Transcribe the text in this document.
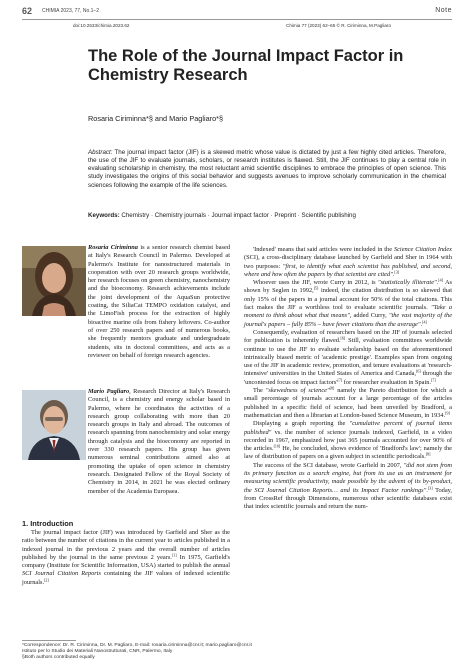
62 CHIMIA 2023, 77, No.1–2	Note
doi:10.2533/chimia.2023.62	Chimia 77 (2023) 62–65 © R. Ciriminna, M.Pagliaro
The Role of the Journal Impact Factor in Chemistry Research
Rosaria Ciriminna*§ and Mario Pagliaro*§
Abstract: The journal impact factor (JIF) is a skewed metric whose value is dictated by just a few highly cited articles. Therefore, the use of the JIF to evaluate journals, scholars, or research institutes is flawed. Still, the JIF continues to play a central role in evaluating scholarship in chemistry, the most reluctant amid scientific disciplines to embrace the principles of open science. This study investigates the origins of this social behavior and suggests avenues to improve scholarly communication in the chemical sciences following the example of the life sciences.
Keywords: Chemistry · Chemistry journals · Journal impact factor · Preprint · Scientific publishing

Rosaria Ciriminna is a senior research chemist based at Italy's Research Council in Palermo. Developed at Palermo's Institute for nanostructured materials in cooperation with over 20 research groups worldwide, her research focuses on green chemistry, nanochemistry and the bioeconomy. Research achievements include the joint development of the AquaSun protective coating, the SiliaCat TEMPO oxidation catalyst, and the LimoFish process for the extraction of highly bioactive marine oils from fishery leftovers. Co-author of over 250 research papers and of numerous books, she frequently mentors graduate and undergraduate students, sits in doctoral committees, and acts as a reviewer on behalf of foreign research agencies.

Mario Pagliaro, Research Director at Italy's Research Council, is a chemistry and energy scholar based in Palermo, where he coordinates the activities of a research group collaborating with more than 20 research groups in Italy and abroad. The outcomes of research spanning from nanochemistry and solar energy through catalysis and the bioeconomy are reported in over 330 research papers. His group has given numerous seminal contributions aimed also at promoting the uptake of open science in chemistry research. Designated Fellow of the Royal Society of Chemistry in 2014, in 2021 he was elected ordinary member of the Academia Europaea.

1. Introduction

The journal impact factor (JIF) was introduced by Garfield and Sher as the ratio between the number of citations in the current year to articles published in a indexed journal in the previous 2 years and the overall number of articles published by the journal in the same previous 2 years.[1] In 1975, Garfield's company (Institute for Scientific Information, USA) started to publish the annual SCI Journal Citation Reports containing the JIF values of indexed scientific journals.[2]

'Indexed' means that said articles were included in the Science Citation Index (SCI), a cross-disciplinary database launched by Garfield and Sher in 1964 with two purposes: "first, to identify what each scientist has published, and second, where and how often the papers by that scientist are cited".[3]

Whoever uses the JIF, wrote Curry in 2012, is "statistically illiterate".[4] As shown by Seglen in 1992,[5] indeed, the citation distribution is so skewed that only 15% of the papers in a journal account for 50% of the total citations. This fact makes the JIF a worthless tool to evaluate scientific journals. "Take a moment to think about what that means", added Curry, "the vast majority of the journal's papers – fully 85% – have fewer citations than the average".[4]

Consequently, evaluation of researchers based on the JIF of journals selected for publication is inherently flawed.[6] Still, evaluation committees worldwide continue to use the JIF to evaluate scholarship based on the aforementioned intrinsically biased metric of 'academic prestige'. Examples span from ongoing use of the JIF in academic review, promotion, and tenure evaluations at 'research-intensive' universities in the United States of America and Canada,[6] through the 'uncontested focus on impact factors'[7] for researcher evaluation in Spain.[7]

The "skewedness of science"[8] namely the Pareto distribution for which a small percentage of journals account for a large percentage of the articles published in a specific field of science, had been unveiled by Bradford, a mathematician and then a librarian at London-based Science Museum, in 1934.[9]

Displaying a graph reporting the "cumulative percent of journal items published" vs. the number of science journals indexed, Garfield, in a video recorded in 1967, emphasized how just 365 journals accounted for over 90% of the articles.[10] He, he concluded, shows evidence of 'Bradford's law'; namely the law of distribution of papers on a given subject in scientific periodicals.[8]

The success of the SCI database, wrote Garfield in 2007, "did not stem from its primary function as a search engine, but from its use as an instrument for measuring scientific productivity, made possible by the advent of its by-product, the SCI Journal Citation Reports… and its Impact Factor rankings".[3] Today, from CrossRef through Dimensions, numerous other scientific databases exist that index scientific journals and return the num-

*Correspondence: Dr. R. Ciriminna, Dr. M. Pagliaro, E-mail: rosaria.ciriminna@cnr.it; mario.pagliaro@cnr.it
Istituto per lo Studio dei Materiali Nanostrutturati, CNR, Palermo, Italy
§Both authors contributed equally
